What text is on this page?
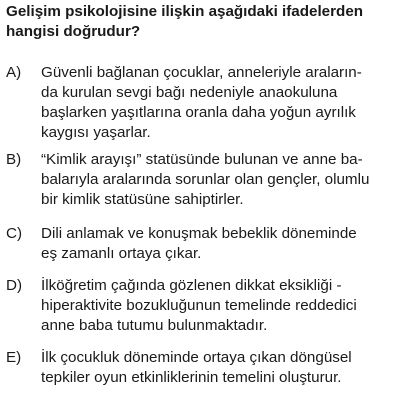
Gelişim psikolojisine ilişkin aşağıdaki ifadelerden
hangisi doğrudur?
A)	Güvenli bağlanan çocuklar, anneleriyle araların-
da kurulan sevgi bağı nedeniyle anaokuluna
başlarken yaşıtlarına oranla daha yoğun ayrılık
kaygısı yaşarlar.
B)	“Kimlik arayışı” statüsünde bulunan ve anne ba-
balarıyla aralarında sorunlar olan gençler, olumlu
bir kimlik statüsüne sahiptirler.
C)	Dili anlamak ve konuşmak bebeklik döneminde
eş zamanlı ortaya çıkar.
D)	İlköğretim çağında gözlenen dikkat eksikliği -
hiperaktivite bozukluğunun temelinde reddedici
anne baba tutumu bulunmaktadır.
E)	İlk çocukluk döneminde ortaya çıkan döngüsel
tepkiler oyun etkinliklerinin temelini oluşturur.
